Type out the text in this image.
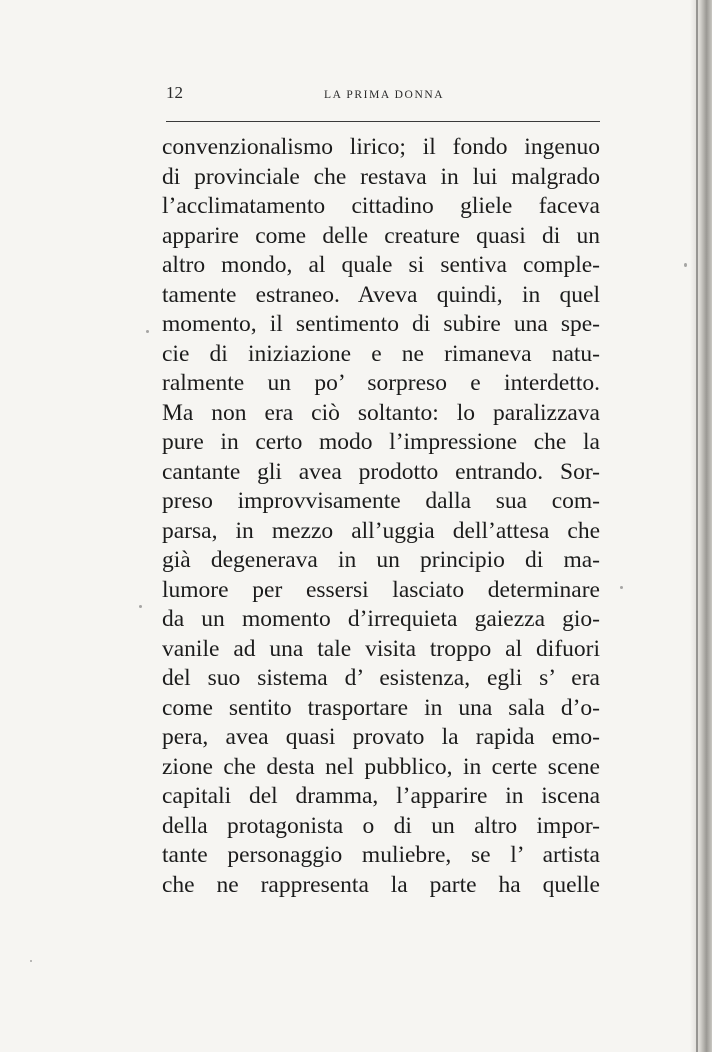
12	LA PRIMA DONNA
convenzionalismo lirico; il fondo ingenuo
di provinciale che restava in lui malgrado
l’acclimatamento cittadino gliele faceva
apparire come delle creature quasi di un
altro mondo, al quale si sentiva comple-
tamente estraneo. Aveva quindi, in quel
momento, il sentimento di subire una spe-
cie di iniziazione e ne rimaneva natu-
ralmente un po’ sorpreso e interdetto.
Ma non era ciò soltanto: lo paralizzava
pure in certo modo l’impressione che la
cantante gli avea prodotto entrando. Sor-
preso improvvisamente dalla sua com-
parsa, in mezzo all’uggia dell’attesa che
già degenerava in un principio di ma-
lumore per essersi lasciato determinare
da un momento d’irrequieta gaiezza gio-
vanile ad una tale visita troppo al difuori
del suo sistema d’ esistenza, egli s’ era
come sentito trasportare in una sala d’o-
pera, avea quasi provato la rapida emo-
zione che desta nel pubblico, in certe scene
capitali del dramma, l’apparire in iscena
della protagonista o di un altro impor-
tante personaggio muliebre, se l’ artista
che ne rappresenta la parte ha quelle
